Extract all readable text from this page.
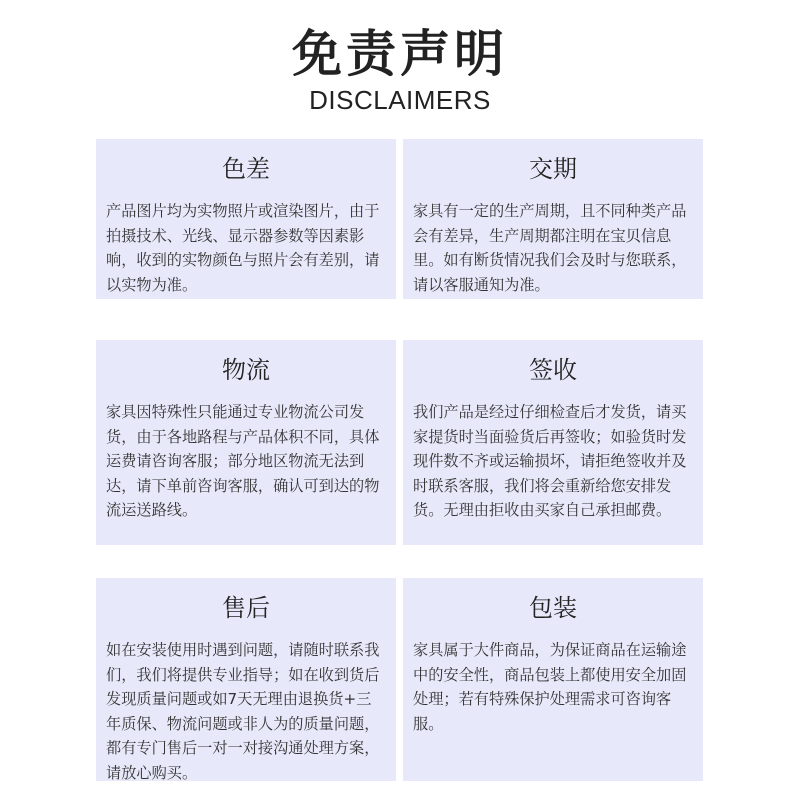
免责声明
DISCLAIMERS
色差
产品图片均为实物照片或渲染图片，由于拍摄技术、光线、显示器参数等因素影响，收到的实物颜色与照片会有差别，请以实物为准。
交期
家具有一定的生产周期，且不同种类产品会有差异，生产周期都注明在宝贝信息里。如有断货情况我们会及时与您联系，请以客服通知为准。
物流
家具因特殊性只能通过专业物流公司发货，由于各地路程与产品体积不同，具体运费请咨询客服；部分地区物流无法到达，请下单前咨询客服，确认可到达的物流运送路线。
签收
我们产品是经过仔细检查后才发货，请买家提货时当面验货后再签收；如验货时发现件数不齐或运输损坏，请拒绝签收并及时联系客服，我们将会重新给您安排发货。无理由拒收由买家自己承担邮费。
售后
如在安装使用时遇到问题，请随时联系我们，我们将提供专业指导；如在收到货后发现质量问题或如7天无理由退换货+三年质保、物流问题或非人为的质量问题，都有专门售后一对一对接沟通处理方案，请放心购买。
包装
家具属于大件商品，为保证商品在运输途中的安全性，商品包装上都使用安全加固处理；若有特殊保护处理需求可咨询客服。
